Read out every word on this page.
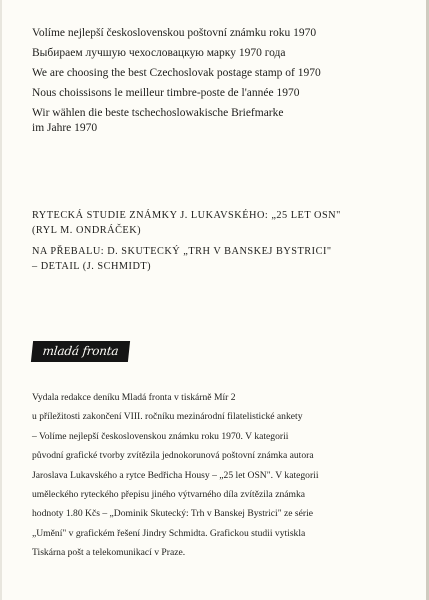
Volíme nejlepší československou poštovní známku roku 1970

Выбираем лучшую чехословацкую марку 1970 года

We are choosing the best Czechoslovak postage stamp of 1970

Nous choissisons le meilleur timbre-poste de l'année 1970

Wir wählen die beste tschechoslowakische Briefmarke

im Jahre 1970

RYTECKÁ STUDIE ZNÁMKY J. LUKAVSKÉHO: „25 LET OSN"

(RYL M. ONDRÁČEK)

NA PŘEBALU: D. SKUTECKÝ „TRH V BANSKEJ BYSTRICI"

– DETAIL (J. SCHMIDT)

mladá fronta

Vydala redakce deníku Mladá fronta v tiskárně Mír 2

u příležitosti zakončení VIII. ročníku mezinárodní filatelistické ankety

– Volíme nejlepší československou známku roku 1970. V kategorii

původní grafické tvorby zvítězila jednokorunová poštovní známka autora

Jaroslava Lukavského a rytce Bedřicha Housy – „25 let OSN". V kategorii

uměleckého ryteckého přepisu jiného výtvarného díla zvítězila známka

hodnoty 1.80 Kčs – „Dominik Skutecký: Trh v Banskej Bystrici" ze série

„Umění" v grafickém řešení Jindry Schmidta. Grafickou studii vytiskla

Tiskárna pošt a telekomunikací v Praze.
